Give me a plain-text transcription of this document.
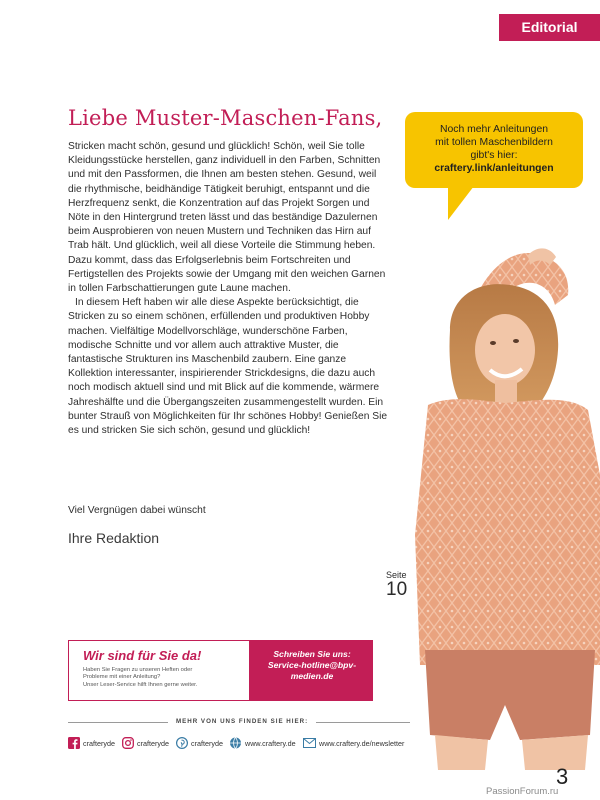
Editorial
Noch mehr Anleitungen
mit tollen Maschenbildern
gibt's hier:
craftery.link/anleitungen
Liebe Muster-Maschen-Fans,

Stricken macht schön, gesund und glücklich! Schön, weil Sie tolle Kleidungsstücke herstellen, ganz individuell in den Farben, Schnitten und mit den Passformen, die Ihnen am besten stehen. Gesund, weil die rhythmische, beidhändige Tätigkeit beruhigt, entspannt und die Herzfrequenz senkt, die Konzentration auf das Projekt Sorgen und Nöte in den Hintergrund treten lässt und das beständige Dazulernen beim Ausprobieren von neuen Mustern und Techniken das Hirn auf Trab hält. Und glücklich, weil all diese Vorteile die Stimmung heben. Dazu kommt, dass das Erfolgserlebnis beim Fortschreiten und Fertigstellen des Projekts sowie der Umgang mit den weichen Garnen in tollen Farbschattierungen gute Laune machen.

In diesem Heft haben wir alle diese Aspekte berücksichtigt, die Stricken zu so einem schönen, erfüllenden und produktiven Hobby machen. Vielfältige Modellvorschläge, wunderschöne Farben, modische Schnitte und vor allem auch attraktive Muster, die fantastische Strukturen ins Maschenbild zaubern. Eine ganze Kollektion interessanter, inspirierender Strickdesigns, die dazu auch noch modisch aktuell sind und mit Blick auf die kommende, wärmere Jahreshälfte und die Übergangszeiten zusammengestellt wurden. Ein bunter Strauß von Möglichkeiten für Ihr schönes Hobby! Genießen Sie es und stricken Sie sich schön, gesund und glücklich!

Viel Vergnügen dabei wünscht
Ihre Redaktion
Seite
10
Wir sind für Sie da!
Haben Sie Fragen zu unseren Heften oder
Probleme mit einer Anleitung?
Unser Leser-Service hilft Ihnen gerne weiter.
Schreiben Sie uns:
Service-hotline@bpv-
medien.de
MEHR VON UNS FINDEN SIE HIER:
crafteryde	crafteryde	crafteryde	www.craftery.de	www.craftery.de/newsletter
3
PassionForum.ru
